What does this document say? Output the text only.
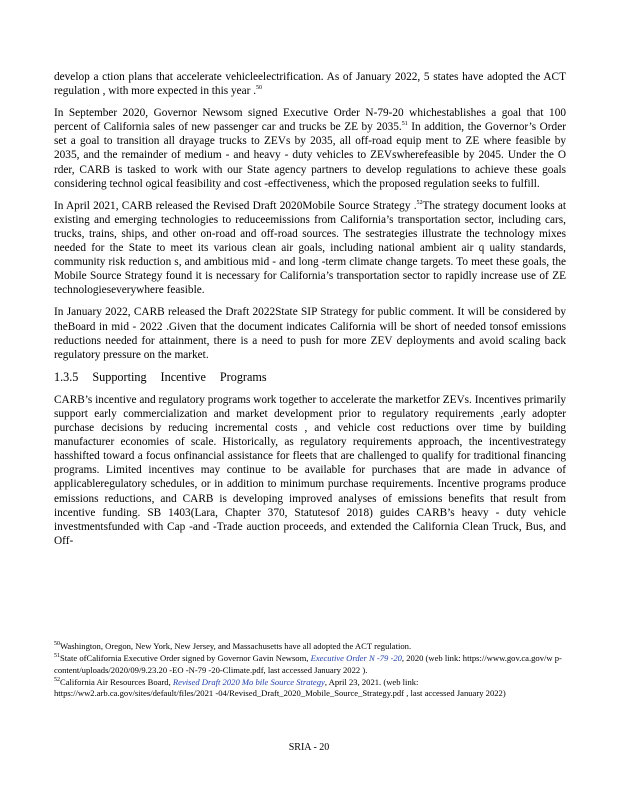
develop a ction plans that accelerate vehicleelectrification. As of January 2022, 5 states have adopted the ACT regulation , with more expected in this year .$^{50}$

In September 2020, Governor Newsom signed Executive Order N-79-20 whichestablishes a goal that 100 percent of California sales of new passenger car and trucks be ZE by 2035.51 In addition, the Governor’s Order set a goal to transition all drayage trucks to ZEVs by 2035, all off-road equip ment to ZE where feasible by 2035, and the remainder of medium - and heavy - duty vehicles to ZEVswherefeasible by 2045. Under the O rder, CARB is tasked to work with our State agency partners to develop regulations to achieve these goals considering technol ogical feasibility and cost -effectiveness, which the proposed regulation seeks to fulfill.

In April 2021, CARB released the Revised Draft 2020Mobile Source Strategy .$^{52}$The strategy document looks at existing and emerging technologies to reduceemissions from California’s transportation sector, including cars, trucks, trains, ships, and other on-road and off-road sources. The sestrategies illustrate the technology mixes needed for the State to meet its various clean air goals, including national ambient air q uality standards, community risk reduction s, and ambitious mid - and long -term climate change targets. To meet these goals, the Mobile Source Strategy found it is necessary for California’s transportation sector to rapidly increase use of ZE technologieseverywhere feasible.

In January 2022, CARB released the Draft 2022State SIP Strategy for public comment. It will be considered by theBoard in mid - 2022 .Given that the document indicates California will be short of needed tonsof emissions reductions needed for attainment, there is a need to push for more ZEV deployments and avoid scaling back regulatory pressure on the market.

1.3.5 Supporting Incentive Programs

CARB’s incentive and regulatory programs work together to accelerate the marketfor ZEVs. Incentives primarily support early commercialization and market development prior to regulatory requirements ,early adopter purchase decisions by reducing incremental costs , and vehicle cost reductions over time by building manufacturer economies of scale. Historically, as regulatory requirements approach, the incentivestrategy hasshifted toward a focus onfinancial assistance for fleets that are challenged to qualify for traditional financing programs. Limited incentives may continue to be available for purchases that are made in advance of applicableregulatory schedules, or in addition to minimum purchase requirements. Incentive programs produce emissions reductions, and CARB is developing improved analyses of emissions benefits that result from incentive funding. SB 1403(Lara, Chapter 370, Statutesof 2018) guides CARB’s heavy - duty vehicle investmentsfunded with Cap -and -Trade auction proceeds, and extended the California Clean Truck, Bus, and Off-

$^{50}$Washington, Oregon, New York, New Jersey, and Massachusetts have all adopted the ACT regulation.

$^{51}$State ofCalifornia Executive Order signed by Governor Gavin Newsom, Executive Order N -79 -20, 2020 (web link: https://www.gov.ca.gov/w p- content/uploads/2020/09/9.23.20 -EO -N-79 -20-Climate.pdf, last accessed January 2022 ).

$^{52}$California Air Resources Board, Revised Draft 2020 Mo bile Source Strategy, April 23, 2021. (web link: https://ww2.arb.ca.gov/sites/default/files/2021 -04/Revised_Draft_2020_Mobile_Source_Strategy.pdf , last accessed January 2022)

SRIA - 20
